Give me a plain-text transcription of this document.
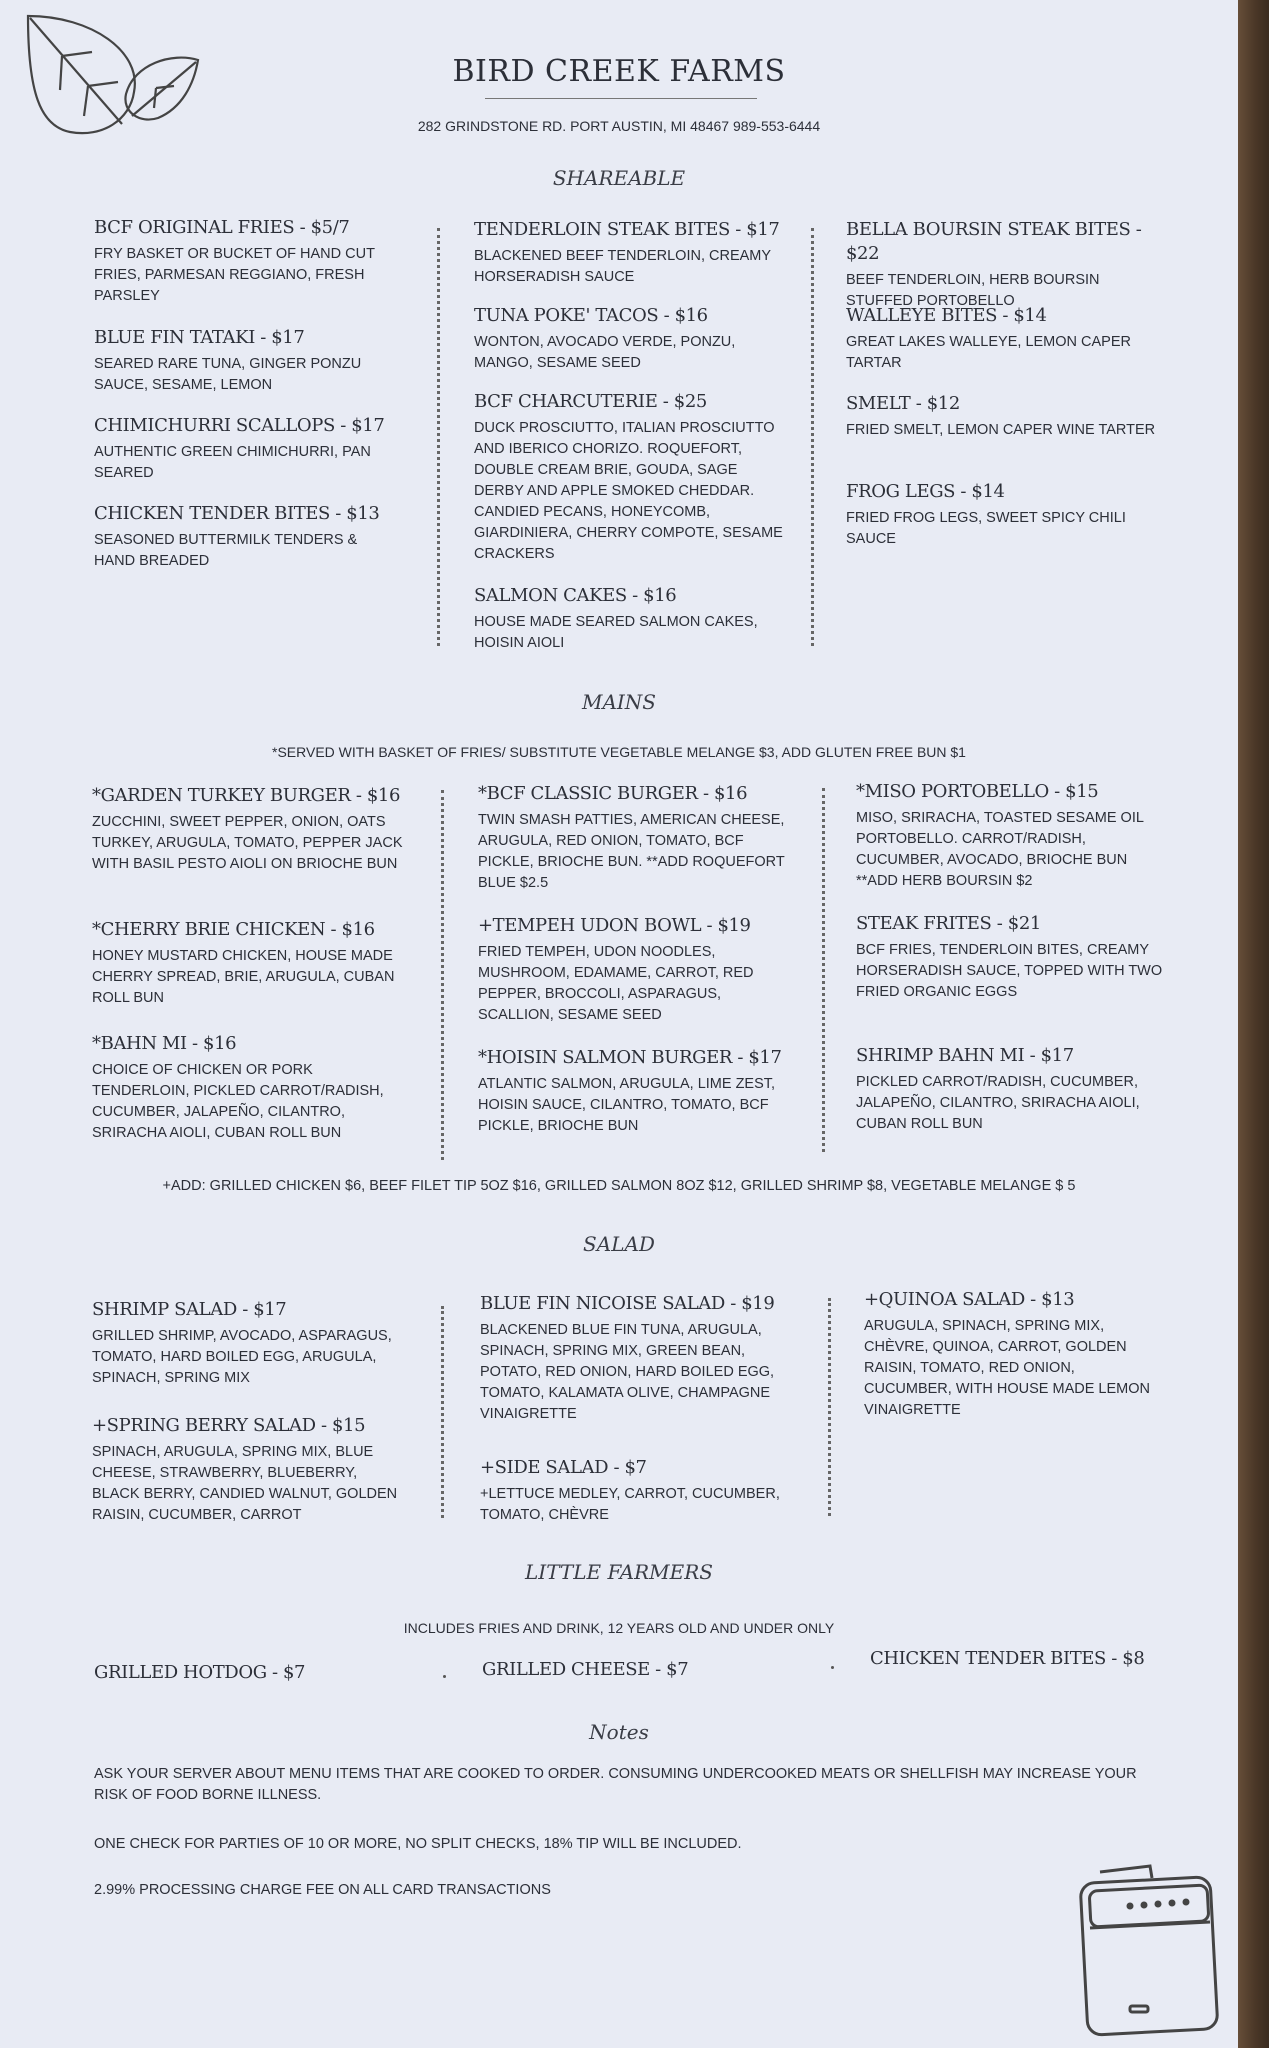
BIRD CREEK FARMS
282 GRINDSTONE RD. PORT AUSTIN, MI 48467 989-553-6444
SHAREABLE
BCF ORIGINAL FRIES - $5/7
FRY BASKET OR BUCKET OF HAND CUT FRIES, PARMESAN REGGIANO, FRESH PARSLEY
BLUE FIN TATAKI - $17
SEARED RARE TUNA, GINGER PONZU SAUCE, SESAME, LEMON
CHIMICHURRI SCALLOPS - $17
AUTHENTIC GREEN CHIMICHURRI, PAN SEARED
CHICKEN TENDER BITES - $13
SEASONED BUTTERMILK TENDERS & HAND BREADED
TENDERLOIN STEAK BITES - $17
BLACKENED BEEF TENDERLOIN, CREAMY HORSERADISH SAUCE
TUNA POKE' TACOS - $16
WONTON, AVOCADO VERDE, PONZU, MANGO, SESAME SEED
BCF CHARCUTERIE - $25
DUCK PROSCIUTTO, ITALIAN PROSCIUTTO AND IBERICO CHORIZO. ROQUEFORT, DOUBLE CREAM BRIE, GOUDA, SAGE DERBY AND APPLE SMOKED CHEDDAR. CANDIED PECANS, HONEYCOMB, GIARDINIERA, CHERRY COMPOTE, SESAME CRACKERS
SALMON CAKES - $16
HOUSE MADE SEARED SALMON CAKES, HOISIN AIOLI
BELLA BOURSIN STEAK BITES - $22
BEEF TENDERLOIN, HERB BOURSIN STUFFED PORTOBELLO
WALLEYE BITES - $14
GREAT LAKES WALLEYE, LEMON CAPER TARTAR
SMELT - $12
FRIED SMELT, LEMON CAPER WINE TARTER
FROG LEGS - $14
FRIED FROG LEGS, SWEET SPICY CHILI SAUCE
MAINS
*SERVED WITH BASKET OF FRIES/ SUBSTITUTE VEGETABLE MELANGE $3, ADD GLUTEN FREE BUN $1
*GARDEN TURKEY BURGER - $16
ZUCCHINI, SWEET PEPPER, ONION, OATS TURKEY, ARUGULA, TOMATO, PEPPER JACK WITH BASIL PESTO AIOLI ON BRIOCHE BUN
*CHERRY BRIE CHICKEN - $16
HONEY MUSTARD CHICKEN, HOUSE MADE CHERRY SPREAD, BRIE, ARUGULA, CUBAN ROLL BUN
*BAHN MI - $16
CHOICE OF CHICKEN OR PORK TENDERLOIN, PICKLED CARROT/RADISH, CUCUMBER, JALAPEÑO, CILANTRO, SRIRACHA AIOLI, CUBAN ROLL BUN
*BCF CLASSIC BURGER - $16
TWIN SMASH PATTIES, AMERICAN CHEESE, ARUGULA, RED ONION, TOMATO, BCF PICKLE, BRIOCHE BUN. **ADD ROQUEFORT BLUE $2.5
+TEMPEH UDON BOWL - $19
FRIED TEMPEH, UDON NOODLES, MUSHROOM, EDAMAME, CARROT, RED PEPPER, BROCCOLI, ASPARAGUS, SCALLION, SESAME SEED
*HOISIN SALMON BURGER - $17
ATLANTIC SALMON, ARUGULA, LIME ZEST, HOISIN SAUCE, CILANTRO, TOMATO, BCF PICKLE, BRIOCHE BUN
*MISO PORTOBELLO - $15
MISO, SRIRACHA, TOASTED SESAME OIL PORTOBELLO. CARROT/RADISH, CUCUMBER, AVOCADO, BRIOCHE BUN **ADD HERB BOURSIN $2
STEAK FRITES - $21
BCF FRIES, TENDERLOIN BITES, CREAMY HORSERADISH SAUCE, TOPPED WITH TWO FRIED ORGANIC EGGS
SHRIMP BAHN MI - $17
PICKLED CARROT/RADISH, CUCUMBER, JALAPEÑO, CILANTRO, SRIRACHA AIOLI, CUBAN ROLL BUN
+ADD: GRILLED CHICKEN $6, BEEF FILET TIP 5OZ $16, GRILLED SALMON 8OZ $12, GRILLED SHRIMP $8, VEGETABLE MELANGE $ 5
SALAD
SHRIMP SALAD - $17
GRILLED SHRIMP, AVOCADO, ASPARAGUS, TOMATO, HARD BOILED EGG, ARUGULA, SPINACH, SPRING MIX
+SPRING BERRY SALAD - $15
SPINACH, ARUGULA, SPRING MIX, BLUE CHEESE, STRAWBERRY, BLUEBERRY, BLACK BERRY, CANDIED WALNUT, GOLDEN RAISIN, CUCUMBER, CARROT
BLUE FIN NICOISE SALAD - $19
BLACKENED BLUE FIN TUNA, ARUGULA, SPINACH, SPRING MIX, GREEN BEAN, POTATO, RED ONION, HARD BOILED EGG, TOMATO, KALAMATA OLIVE, CHAMPAGNE VINAIGRETTE
+SIDE SALAD - $7
+LETTUCE MEDLEY, CARROT, CUCUMBER, TOMATO, CHÈVRE
+QUINOA SALAD - $13
ARUGULA, SPINACH, SPRING MIX, CHÈVRE, QUINOA, CARROT, GOLDEN RAISIN, TOMATO, RED ONION, CUCUMBER, WITH HOUSE MADE LEMON VINAIGRETTE
LITTLE FARMERS
INCLUDES FRIES AND DRINK, 12 YEARS OLD AND UNDER ONLY
GRILLED HOTDOG - $7	GRILLED CHEESE - $7
CHICKEN TENDER BITES - $8
Notes
ASK YOUR SERVER ABOUT MENU ITEMS THAT ARE COOKED TO ORDER. CONSUMING UNDERCOOKED MEATS OR SHELLFISH MAY INCREASE YOUR RISK OF FOOD BORNE ILLNESS.
ONE CHECK FOR PARTIES OF 10 OR MORE, NO SPLIT CHECKS, 18% TIP WILL BE INCLUDED.
2.99% PROCESSING CHARGE FEE ON ALL CARD TRANSACTIONS
